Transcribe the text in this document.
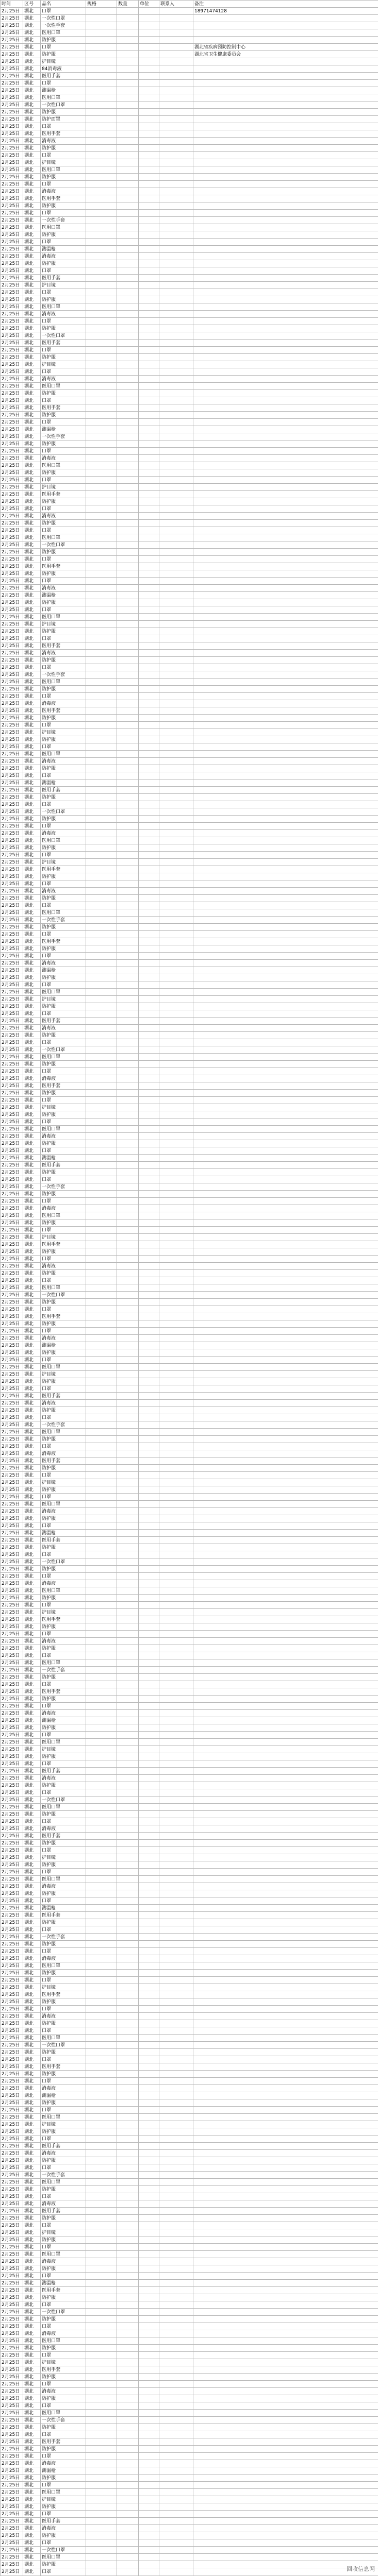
时间	区号	品名	规格	数量	单位	联系人	备注
2月25日	湖北	口罩					18971474128
2月25日	湖北	一次性口罩					
2月25日	湖北	一次性手套					
2月25日	湖北	医用口罩					
2月25日	湖北	防护服					
2月25日	湖北	口罩					湖北省疾病预防控制中心
2月25日	湖北	防护服					湖北省卫生健康委员会
2月25日	湖北	护目镜					
2月25日	湖北	84消毒液					
2月25日	湖北	医用手套					
2月25日	湖北	口罩					
2月25日	湖北	测温枪					
2月25日	湖北	医用口罩					
2月25日	湖北	一次性口罩					
2月25日	湖北	防护服					
2月25日	湖北	防护面罩					
2月25日	湖北	口罩					
2月25日	湖北	医用手套					
2月25日	湖北	消毒液					
2月25日	湖北	防护服					
2月25日	湖北	口罩					
2月25日	湖北	护目镜					
2月25日	湖北	医用口罩					
2月25日	湖北	防护服					
2月25日	湖北	口罩					
2月25日	湖北	消毒液					
2月25日	湖北	医用手套					
2月25日	湖北	防护服					
2月25日	湖北	口罩					
2月25日	湖北	一次性手套					
2月25日	湖北	医用口罩					
2月25日	湖北	防护服					
2月25日	湖北	口罩					
2月25日	湖北	测温枪					
2月25日	湖北	消毒液					
2月25日	湖北	防护服					
2月25日	湖北	口罩					
2月25日	湖北	医用手套					
2月25日	湖北	护目镜					
2月25日	湖北	口罩					
2月25日	湖北	防护服					
2月25日	湖北	医用口罩					
2月25日	湖北	消毒液					
2月25日	湖北	口罩					
2月25日	湖北	防护服					
2月25日	湖北	一次性口罩					
2月25日	湖北	医用手套					
2月25日	湖北	口罩					
2月25日	湖北	防护服					
2月25日	湖北	护目镜					
2月25日	湖北	口罩					
2月25日	湖北	消毒液					
2月25日	湖北	医用口罩					
2月25日	湖北	防护服					
2月25日	湖北	口罩					
2月25日	湖北	医用手套					
2月25日	湖北	防护服					
2月25日	湖北	口罩					
2月25日	湖北	测温枪					
2月25日	湖北	一次性手套					
2月25日	湖北	防护服					
2月25日	湖北	口罩					
2月25日	湖北	消毒液					
2月25日	湖北	医用口罩					
2月25日	湖北	防护服					
2月25日	湖北	口罩					
2月25日	湖北	护目镜					
2月25日	湖北	医用手套					
2月25日	湖北	防护服					
2月25日	湖北	口罩					
2月25日	湖北	消毒液					
2月25日	湖北	防护服					
2月25日	湖北	口罩					
2月25日	湖北	医用口罩					
2月25日	湖北	一次性口罩					
2月25日	湖北	防护服					
2月25日	湖北	口罩					
2月25日	湖北	医用手套					
2月25日	湖北	防护服					
2月25日	湖北	口罩					
2月25日	湖北	消毒液					
2月25日	湖北	测温枪					
2月25日	湖北	防护服					
2月25日	湖北	口罩					
2月25日	湖北	医用口罩					
2月25日	湖北	护目镜					
2月25日	湖北	防护服					
2月25日	湖北	口罩					
2月25日	湖北	医用手套					
2月25日	湖北	消毒液					
2月25日	湖北	防护服					
2月25日	湖北	口罩					
2月25日	湖北	一次性手套					
2月25日	湖北	医用口罩					
2月25日	湖北	防护服					
2月25日	湖北	口罩					
2月25日	湖北	消毒液					
2月25日	湖北	医用手套					
2月25日	湖北	防护服					
2月25日	湖北	口罩					
2月25日	湖北	护目镜					
2月25日	湖北	防护服					
2月25日	湖北	口罩					
2月25日	湖北	医用口罩					
2月25日	湖北	消毒液					
2月25日	湖北	防护服					
2月25日	湖北	口罩					
2月25日	湖北	测温枪					
2月25日	湖北	医用手套					
2月25日	湖北	防护服					
2月25日	湖北	口罩					
2月25日	湖北	一次性口罩					
2月25日	湖北	防护服					
2月25日	湖北	口罩					
2月25日	湖北	消毒液					
2月25日	湖北	医用口罩					
2月25日	湖北	防护服					
2月25日	湖北	口罩					
2月25日	湖北	护目镜					
2月25日	湖北	医用手套					
2月25日	湖北	防护服					
2月25日	湖北	口罩					
2月25日	湖北	消毒液					
2月25日	湖北	防护服					
2月25日	湖北	口罩					
2月25日	湖北	医用口罩					
2月25日	湖北	一次性手套					
2月25日	湖北	防护服					
2月25日	湖北	口罩					
2月25日	湖北	医用手套					
2月25日	湖北	防护服					
2月25日	湖北	口罩					
2月25日	湖北	消毒液					
2月25日	湖北	测温枪					
2月25日	湖北	防护服					
2月25日	湖北	口罩					
2月25日	湖北	医用口罩					
2月25日	湖北	护目镜					
2月25日	湖北	防护服					
2月25日	湖北	口罩					
2月25日	湖北	医用手套					
2月25日	湖北	消毒液					
2月25日	湖北	防护服					
2月25日	湖北	口罩					
2月25日	湖北	一次性口罩					
2月25日	湖北	医用口罩					
2月25日	湖北	防护服					
2月25日	湖北	口罩					
2月25日	湖北	消毒液					
2月25日	湖北	医用手套					
2月25日	湖北	防护服					
2月25日	湖北	口罩					
2月25日	湖北	护目镜					
2月25日	湖北	防护服					
2月25日	湖北	口罩					
2月25日	湖北	医用口罩					
2月25日	湖北	消毒液					
2月25日	湖北	防护服					
2月25日	湖北	口罩					
2月25日	湖北	测温枪					
2月25日	湖北	医用手套					
2月25日	湖北	防护服					
2月25日	湖北	口罩					
2月25日	湖北	一次性手套					
2月25日	湖北	防护服					
2月25日	湖北	口罩					
2月25日	湖北	消毒液					
2月25日	湖北	医用口罩					
2月25日	湖北	防护服					
2月25日	湖北	口罩					
2月25日	湖北	护目镜					
2月25日	湖北	医用手套					
2月25日	湖北	防护服					
2月25日	湖北	口罩					
2月25日	湖北	消毒液					
2月25日	湖北	防护服					
2月25日	湖北	口罩					
2月25日	湖北	医用口罩					
2月25日	湖北	一次性口罩					
2月25日	湖北	防护服					
2月25日	湖北	口罩					
2月25日	湖北	医用手套					
2月25日	湖北	防护服					
2月25日	湖北	口罩					
2月25日	湖北	消毒液					
2月25日	湖北	测温枪					
2月25日	湖北	防护服					
2月25日	湖北	口罩					
2月25日	湖北	医用口罩					
2月25日	湖北	护目镜					
2月25日	湖北	防护服					
2月25日	湖北	口罩					
2月25日	湖北	医用手套					
2月25日	湖北	消毒液					
2月25日	湖北	防护服					
2月25日	湖北	口罩					
2月25日	湖北	一次性手套					
2月25日	湖北	医用口罩					
2月25日	湖北	防护服					
2月25日	湖北	口罩					
2月25日	湖北	消毒液					
2月25日	湖北	医用手套					
2月25日	湖北	防护服					
2月25日	湖北	口罩					
2月25日	湖北	护目镜					
2月25日	湖北	防护服					
2月25日	湖北	口罩					
2月25日	湖北	医用口罩					
2月25日	湖北	消毒液					
2月25日	湖北	防护服					
2月25日	湖北	口罩					
2月25日	湖北	测温枪					
2月25日	湖北	医用手套					
2月25日	湖北	防护服					
2月25日	湖北	口罩					
2月25日	湖北	一次性口罩					
2月25日	湖北	防护服					
2月25日	湖北	口罩					
2月25日	湖北	消毒液					
2月25日	湖北	医用口罩					
2月25日	湖北	防护服					
2月25日	湖北	口罩					
2月25日	湖北	护目镜					
2月25日	湖北	医用手套					
2月25日	湖北	防护服					
2月25日	湖北	口罩					
2月25日	湖北	消毒液					
2月25日	湖北	防护服					
2月25日	湖北	口罩					
2月25日	湖北	医用口罩					
2月25日	湖北	一次性手套					
2月25日	湖北	防护服					
2月25日	湖北	口罩					
2月25日	湖北	医用手套					
2月25日	湖北	防护服					
2月25日	湖北	口罩					
2月25日	湖北	消毒液					
2月25日	湖北	测温枪					
2月25日	湖北	防护服					
2月25日	湖北	口罩					
2月25日	湖北	医用口罩					
2月25日	湖北	护目镜					
2月25日	湖北	防护服					
2月25日	湖北	口罩					
2月25日	湖北	医用手套					
2月25日	湖北	消毒液					
2月25日	湖北	防护服					
2月25日	湖北	口罩					
2月25日	湖北	一次性口罩					
2月25日	湖北	医用口罩					
2月25日	湖北	防护服					
2月25日	湖北	口罩					
2月25日	湖北	消毒液					
2月25日	湖北	医用手套					
2月25日	湖北	防护服					
2月25日	湖北	口罩					
2月25日	湖北	护目镜					
2月25日	湖北	防护服					
2月25日	湖北	口罩					
2月25日	湖北	医用口罩					
2月25日	湖北	消毒液					
2月25日	湖北	防护服					
2月25日	湖北	口罩					
2月25日	湖北	测温枪					
2月25日	湖北	医用手套					
2月25日	湖北	防护服					
2月25日	湖北	口罩					
2月25日	湖北	一次性手套					
2月25日	湖北	防护服					
2月25日	湖北	口罩					
2月25日	湖北	消毒液					
2月25日	湖北	医用口罩					
2月25日	湖北	防护服					
2月25日	湖北	口罩					
2月25日	湖北	护目镜					
2月25日	湖北	医用手套					
2月25日	湖北	防护服					
2月25日	湖北	口罩					
2月25日	湖北	消毒液					
2月25日	湖北	防护服					
2月25日	湖北	口罩					
2月25日	湖北	医用口罩					
2月25日	湖北	一次性口罩					
2月25日	湖北	防护服					
2月25日	湖北	口罩					
2月25日	湖北	医用手套					
2月25日	湖北	防护服					
2月25日	湖北	口罩					
2月25日	湖北	消毒液					
2月25日	湖北	测温枪					
2月25日	湖北	防护服					
2月25日	湖北	口罩					
2月25日	湖北	医用口罩					
2月25日	湖北	护目镜					
2月25日	湖北	防护服					
2月25日	湖北	口罩					
2月25日	湖北	医用手套					
2月25日	湖北	消毒液					
2月25日	湖北	防护服					
2月25日	湖北	口罩					
2月25日	湖北	一次性手套					
2月25日	湖北	医用口罩					
2月25日	湖北	防护服					
2月25日	湖北	口罩					
2月25日	湖北	消毒液					
2月25日	湖北	医用手套					
2月25日	湖北	防护服					
2月25日	湖北	口罩					
2月25日	湖北	护目镜					
2月25日	湖北	防护服					
2月25日	湖北	口罩					
2月25日	湖北	医用口罩					
2月25日	湖北	消毒液					
2月25日	湖北	防护服					
2月25日	湖北	口罩					
2月25日	湖北	测温枪					
2月25日	湖北	医用手套					
2月25日	湖北	防护服					
2月25日	湖北	口罩					
2月25日	湖北	一次性口罩					
2月25日	湖北	防护服					
2月25日	湖北	口罩					
2月25日	湖北	消毒液					
2月25日	湖北	医用口罩					
2月25日	湖北	防护服					
2月25日	湖北	口罩					
2月25日	湖北	护目镜					
2月25日	湖北	医用手套					
2月25日	湖北	防护服					
2月25日	湖北	口罩					
2月25日	湖北	消毒液					
2月25日	湖北	防护服					
2月25日	湖北	口罩					
2月25日	湖北	医用口罩					
2月25日	湖北	一次性手套					
2月25日	湖北	防护服					
2月25日	湖北	口罩					
2月25日	湖北	医用手套					
2月25日	湖北	防护服					
2月25日	湖北	口罩					
2月25日	湖北	消毒液					
2月25日	湖北	测温枪					
2月25日	湖北	防护服					
2月25日	湖北	口罩					
2月25日	湖北	医用口罩					
2月25日	湖北	护目镜					
2月25日	湖北	防护服					
2月25日	湖北	口罩					
2月25日	湖北	医用手套					
2月25日	湖北	消毒液					
2月25日	湖北	防护服					
2月25日	湖北	口罩					
2月25日	湖北	一次性口罩					
2月25日	湖北	医用口罩					
2月25日	湖北	防护服					
2月25日	湖北	口罩					

								回收信息网
